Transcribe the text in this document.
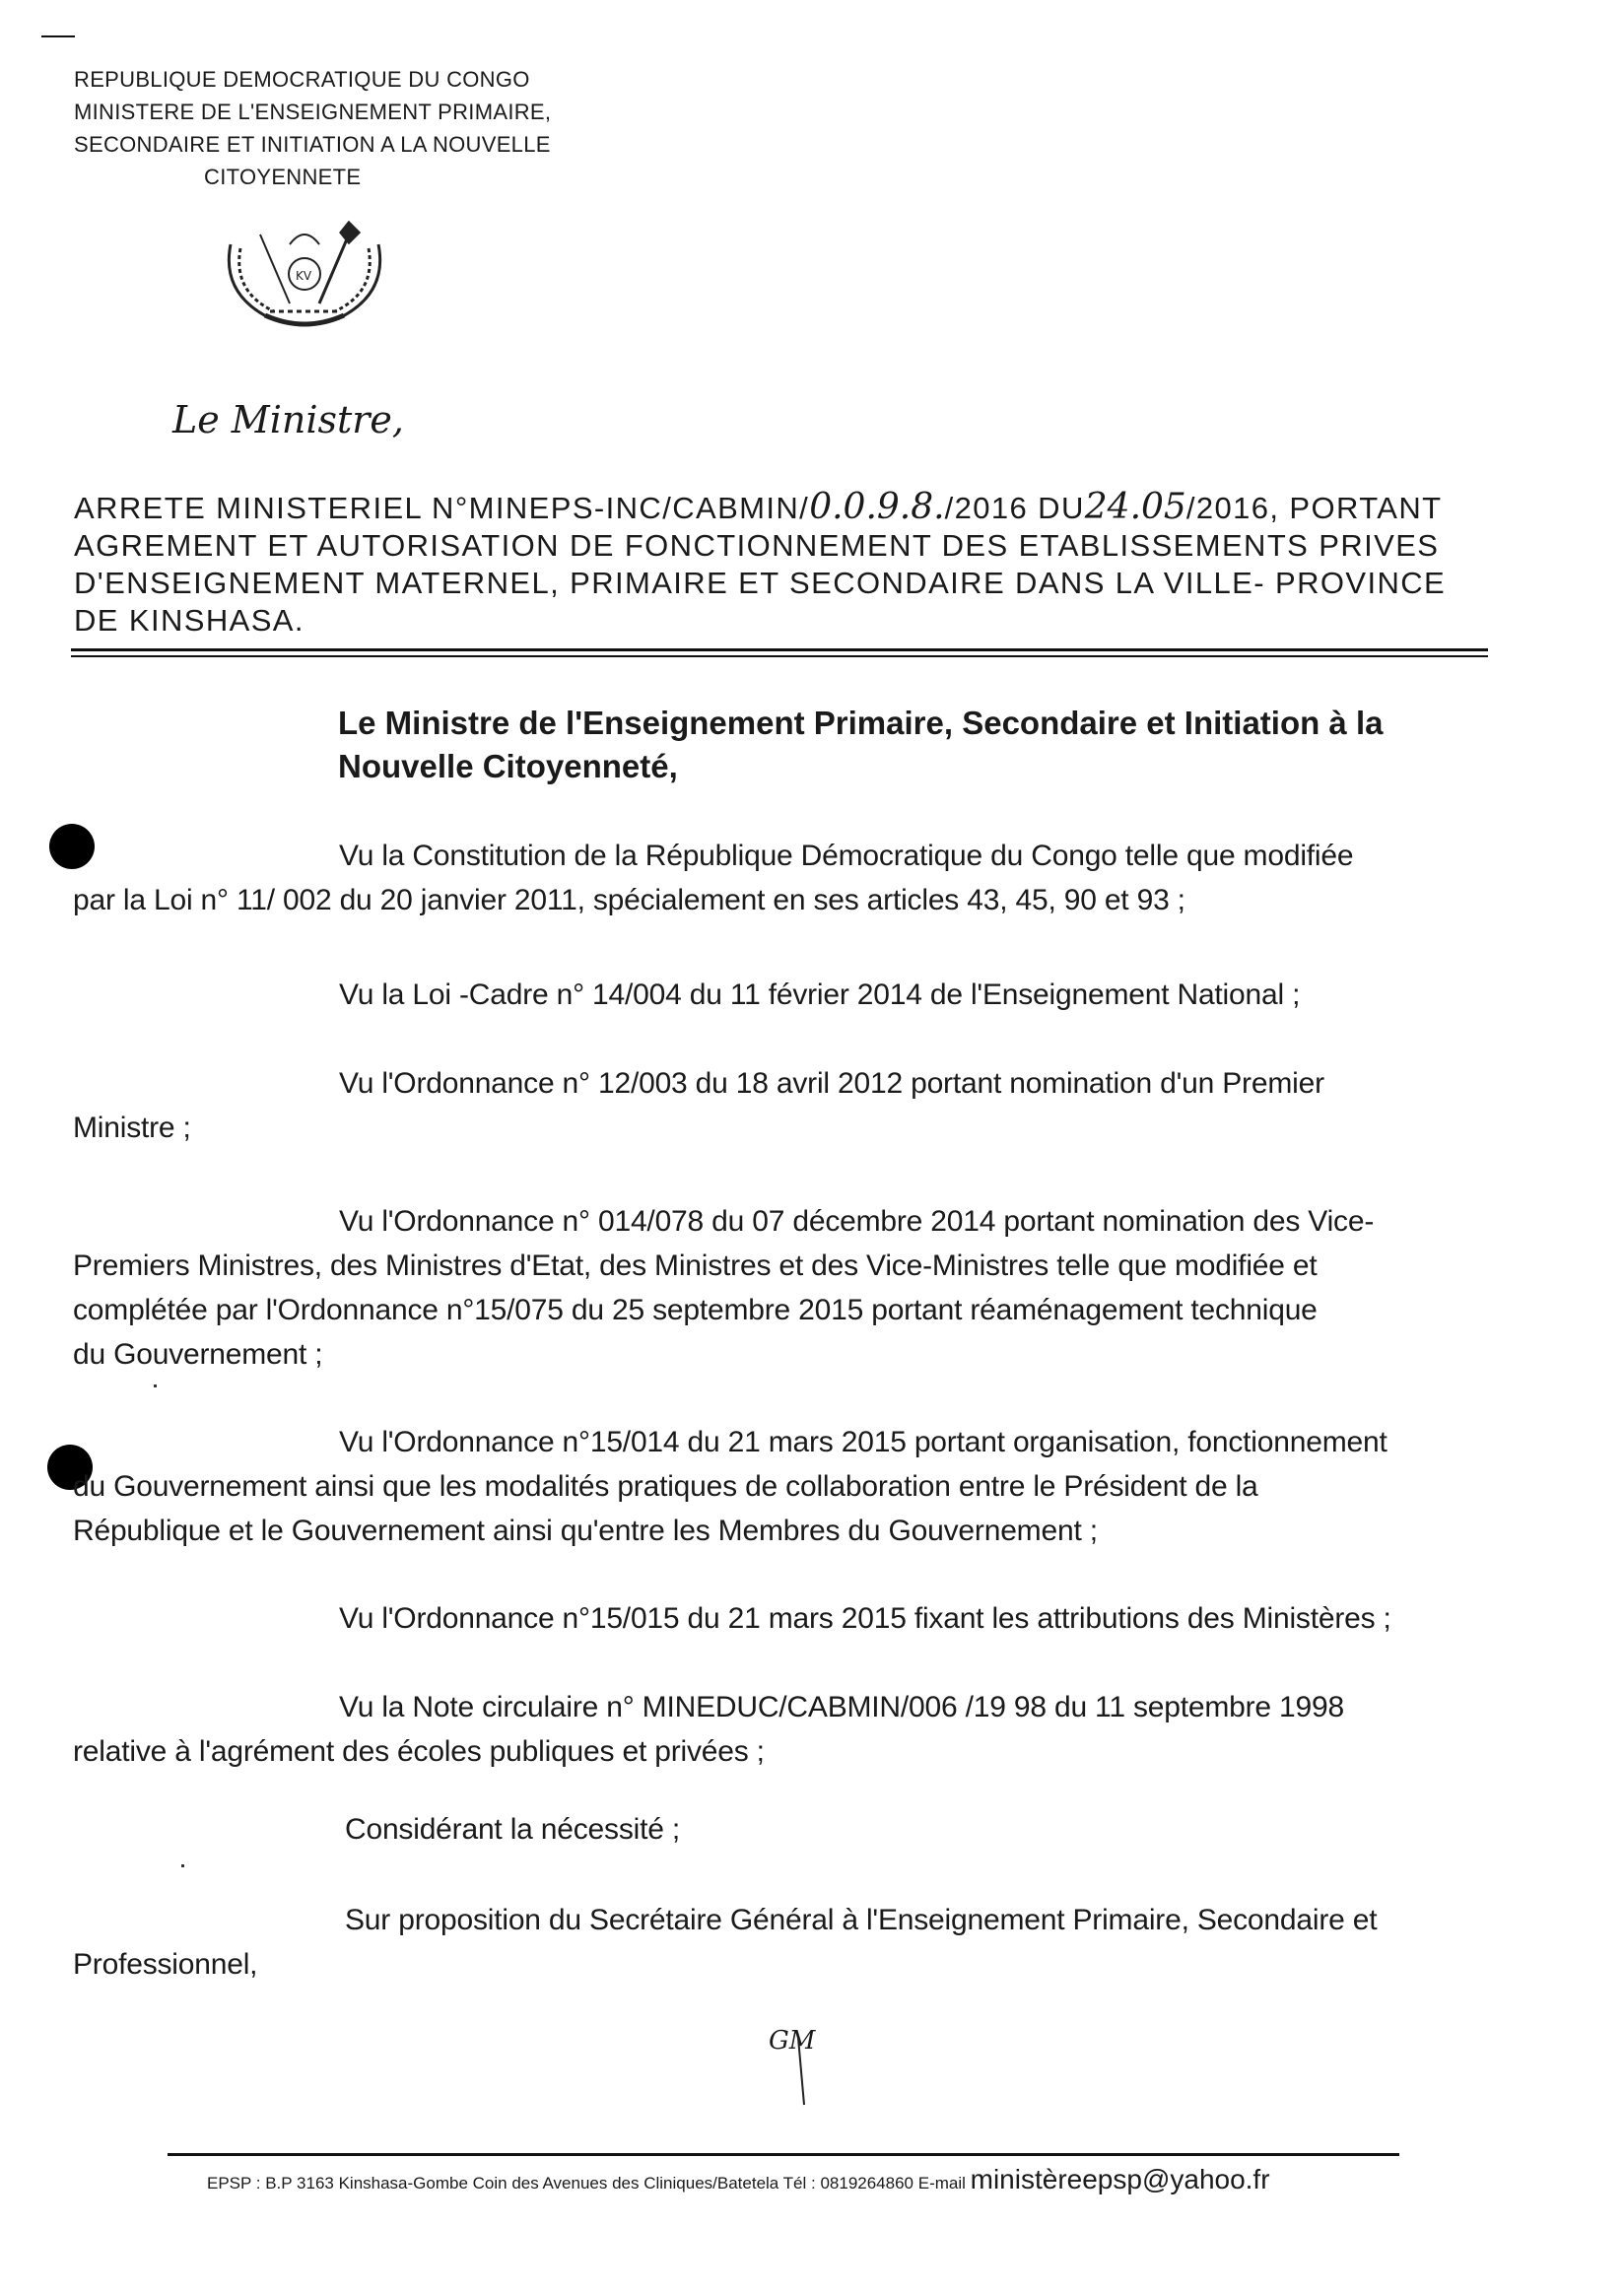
REPUBLIQUE DEMOCRATIQUE DU CONGO
MINISTERE DE L'ENSEIGNEMENT PRIMAIRE,
SECONDAIRE ET INITIATION A LA NOUVELLE
CITOYENNETE
KV
Le Ministre,
ARRETE MINISTERIEL N°MINEPS-INC/CABMIN/0.0.9.8./2016 DU24.05/2016, PORTANT
AGREMENT ET AUTORISATION DE FONCTIONNEMENT DES ETABLISSEMENTS PRIVES
D'ENSEIGNEMENT MATERNEL, PRIMAIRE ET SECONDAIRE DANS LA VILLE- PROVINCE
DE KINSHASA.
Le Ministre de l'Enseignement Primaire, Secondaire et Initiation à la
Nouvelle Citoyenneté,
Vu la Constitution de la République Démocratique du Congo telle que modifiée
par la Loi n° 11/ 002 du 20 janvier 2011, spécialement en ses articles 43, 45, 90 et 93 ;
Vu la Loi -Cadre n° 14/004 du 11 février 2014 de l'Enseignement National ;
Vu l'Ordonnance n° 12/003 du 18 avril 2012 portant nomination d'un Premier
Ministre ;
Vu l'Ordonnance n° 014/078 du 07 décembre 2014 portant nomination des Vice-
Premiers Ministres, des Ministres d'Etat, des Ministres et des Vice-Ministres telle que modifiée et
complétée par l'Ordonnance n°15/075 du 25 septembre 2015 portant réaménagement technique
du Gouvernement ;
Vu l'Ordonnance n°15/014 du 21 mars 2015 portant organisation, fonctionnement
du Gouvernement ainsi que les modalités pratiques de collaboration entre le Président de la
République et le Gouvernement ainsi qu'entre les Membres du Gouvernement ;
Vu l'Ordonnance n°15/015 du 21 mars 2015 fixant les attributions des Ministères ;
Vu la Note circulaire n° MINEDUC/CABMIN/006 /19 98 du 11 septembre 1998
relative à l'agrément des écoles publiques et privées ;
Considérant la nécessité ;
Sur proposition du Secrétaire Général à l'Enseignement Primaire, Secondaire et
Professionnel,
GM
EPSP : B.P 3163 Kinshasa-Gombe Coin des Avenues des Cliniques/Batetela Tél : 0819264860 E-mail ministèreepsp@yahoo.fr
